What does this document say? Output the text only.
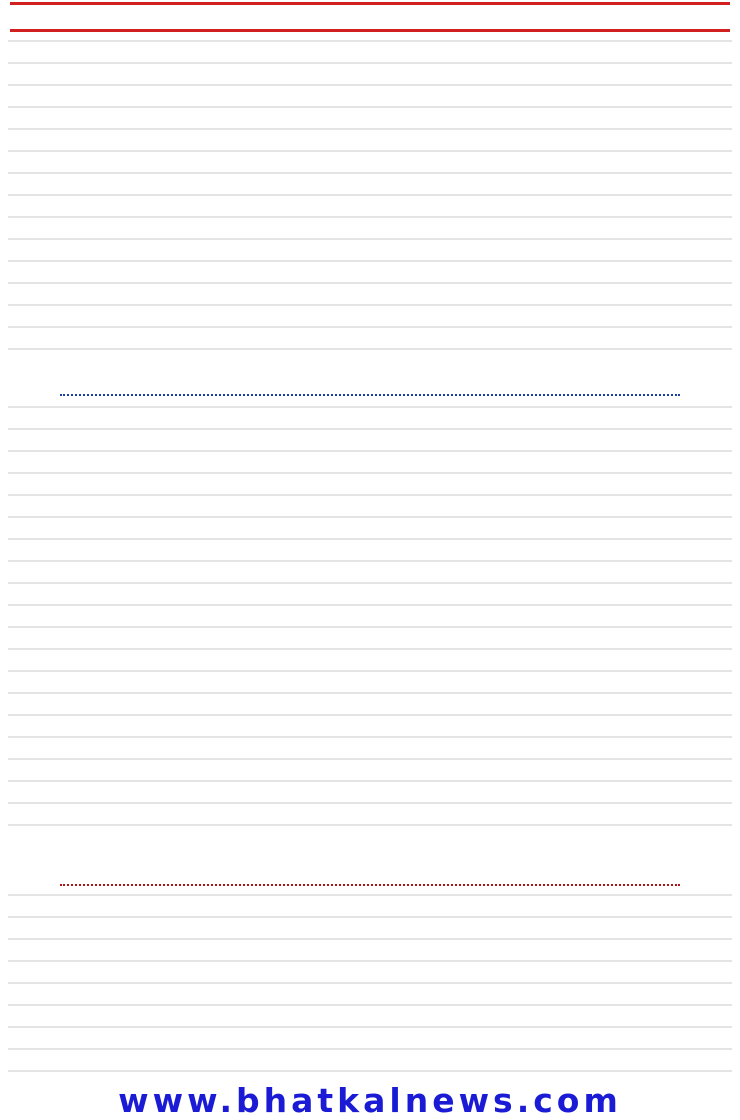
www.bhatkalnews.com
